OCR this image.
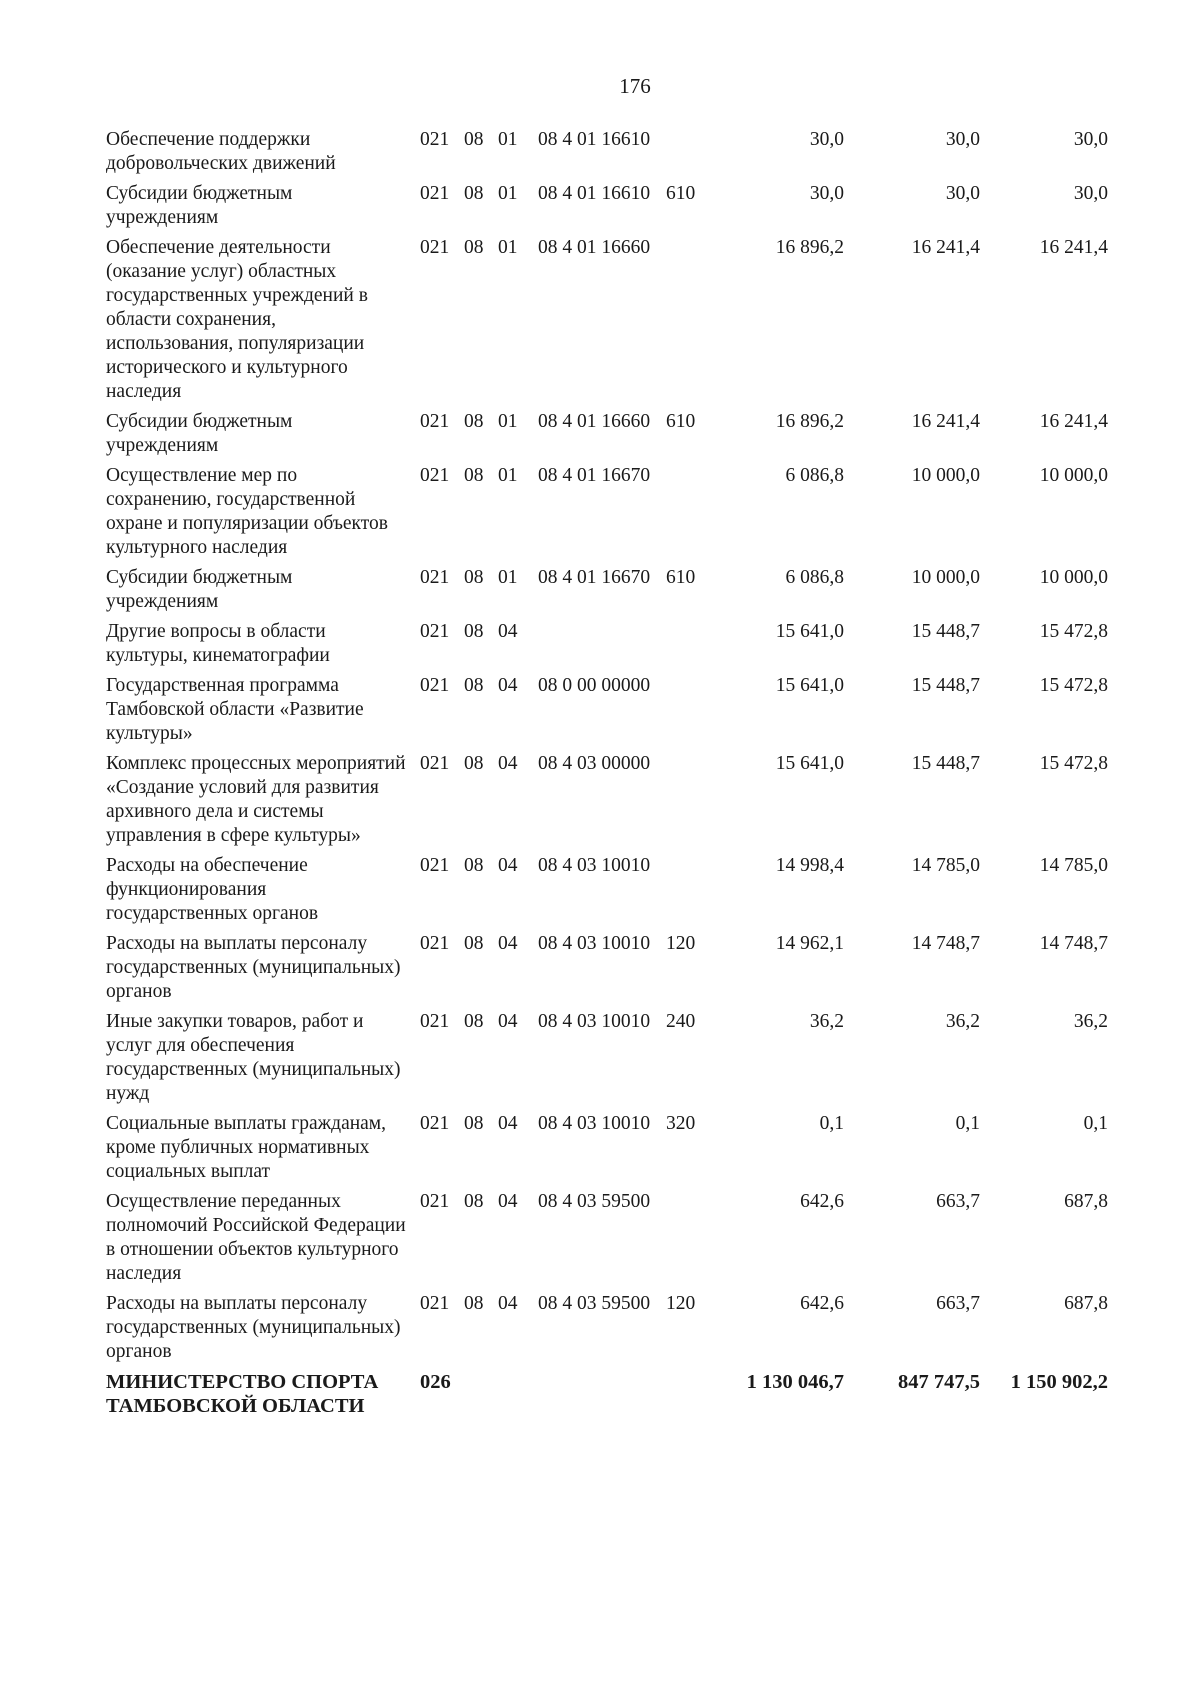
176
Обеспечение поддержки добровольческих движений	021	08	01	08 4 01 16610		30,0	30,0	30,0

Субсидии бюджетным учреждениям	021	08	01	08 4 01 16610	610	30,0	30,0	30,0

Обеспечение деятельности (оказание услуг) областных государственных учреждений в области сохранения, использования, популяризации исторического и культурного наследия	021	08	01	08 4 01 16660		16 896,2	16 241,4	16 241,4

Субсидии бюджетным учреждениям	021	08	01	08 4 01 16660	610	16 896,2	16 241,4	16 241,4

Осуществление мер по сохранению, государственной охране и популяризации объектов культурного наследия	021	08	01	08 4 01 16670		6 086,8	10 000,0	10 000,0

Субсидии бюджетным учреждениям	021	08	01	08 4 01 16670	610	6 086,8	10 000,0	10 000,0

Другие вопросы в области культуры, кинематографии	021	08	04			15 641,0	15 448,7	15 472,8

Государственная программа Тамбовской области «Развитие культуры»	021	08	04	08 0 00 00000		15 641,0	15 448,7	15 472,8

Комплекс процессных мероприятий «Создание условий для развития архивного дела и системы управления в сфере культуры»	021	08	04	08 4 03 00000		15 641,0	15 448,7	15 472,8

Расходы на обеспечение функционирования государственных органов	021	08	04	08 4 03 10010		14 998,4	14 785,0	14 785,0

Расходы на выплаты персоналу государственных (муниципальных) органов	021	08	04	08 4 03 10010	120	14 962,1	14 748,7	14 748,7

Иные закупки товаров, работ и услуг для обеспечения государственных (муниципальных) нужд	021	08	04	08 4 03 10010	240	36,2	36,2	36,2

Социальные выплаты гражданам, кроме публичных нормативных социальных выплат	021	08	04	08 4 03 10010	320	0,1	0,1	0,1

Осуществление переданных полномочий Российской Федерации в отношении объектов культурного наследия	021	08	04	08 4 03 59500		642,6	663,7	687,8

Расходы на выплаты персоналу государственных (муниципальных) органов	021	08	04	08 4 03 59500	120	642,6	663,7	687,8

МИНИСТЕРСТВО СПОРТА ТАМБОВСКОЙ ОБЛАСТИ	026					1 130 046,7	847 747,5	1 150 902,2
